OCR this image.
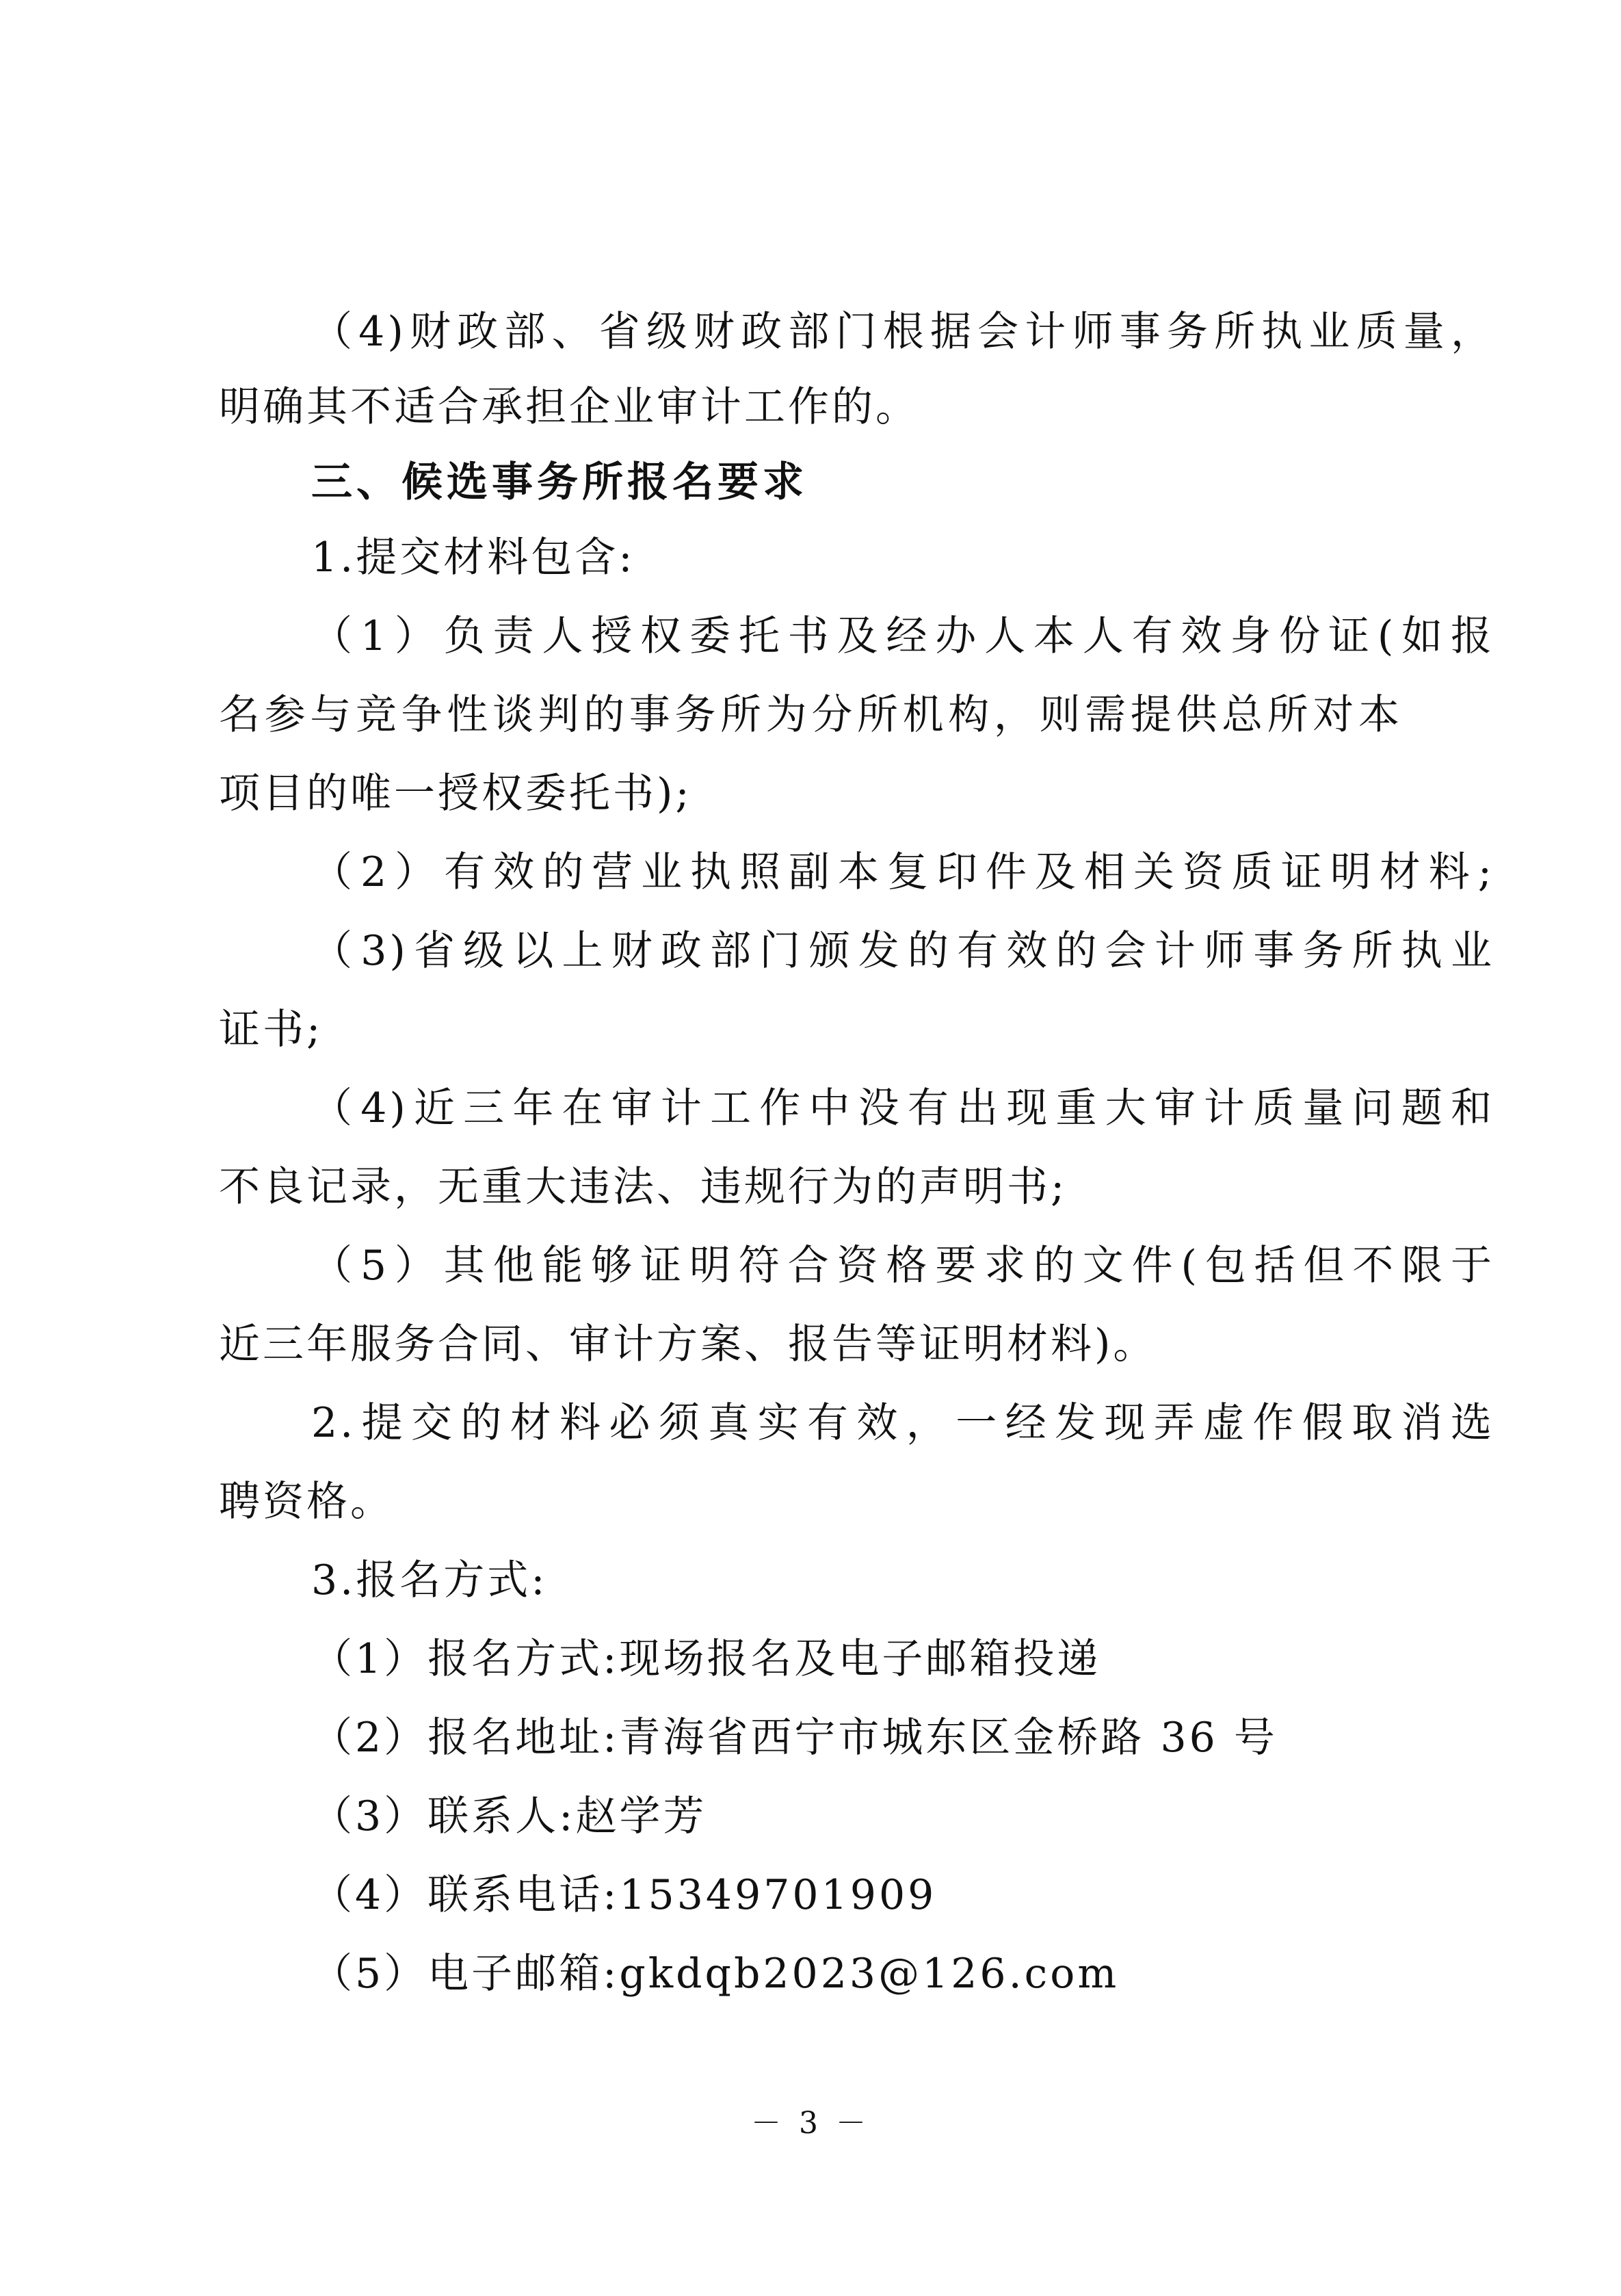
（4)财政部、省级财政部门根据会计师事务所执业质量，
明确其不适合承担企业审计工作的。
三、候选事务所报名要求
1.提交材料包含:
（1）负责人授权委托书及经办人本人有效身份证(如报
名参与竞争性谈判的事务所为分所机构，则需提供总所对本
项目的唯一授权委托书);
（2）有效的营业执照副本复印件及相关资质证明材料;
（3)省级以上财政部门颁发的有效的会计师事务所执业
证书;
（4)近三年在审计工作中没有出现重大审计质量问题和
不良记录，无重大违法、违规行为的声明书;
（5）其他能够证明符合资格要求的文件(包括但不限于
近三年服务合同、审计方案、报告等证明材料)。
2.提交的材料必须真实有效，一经发现弄虚作假取消选
聘资格。
3.报名方式:
（1）报名方式:现场报名及电子邮箱投递
（2）报名地址:青海省西宁市城东区金桥路 36 号
（3）联系人:赵学芳
（4）联系电话:15349701909
（5）电子邮箱:gkdqb2023@126.com
－ 3 －
